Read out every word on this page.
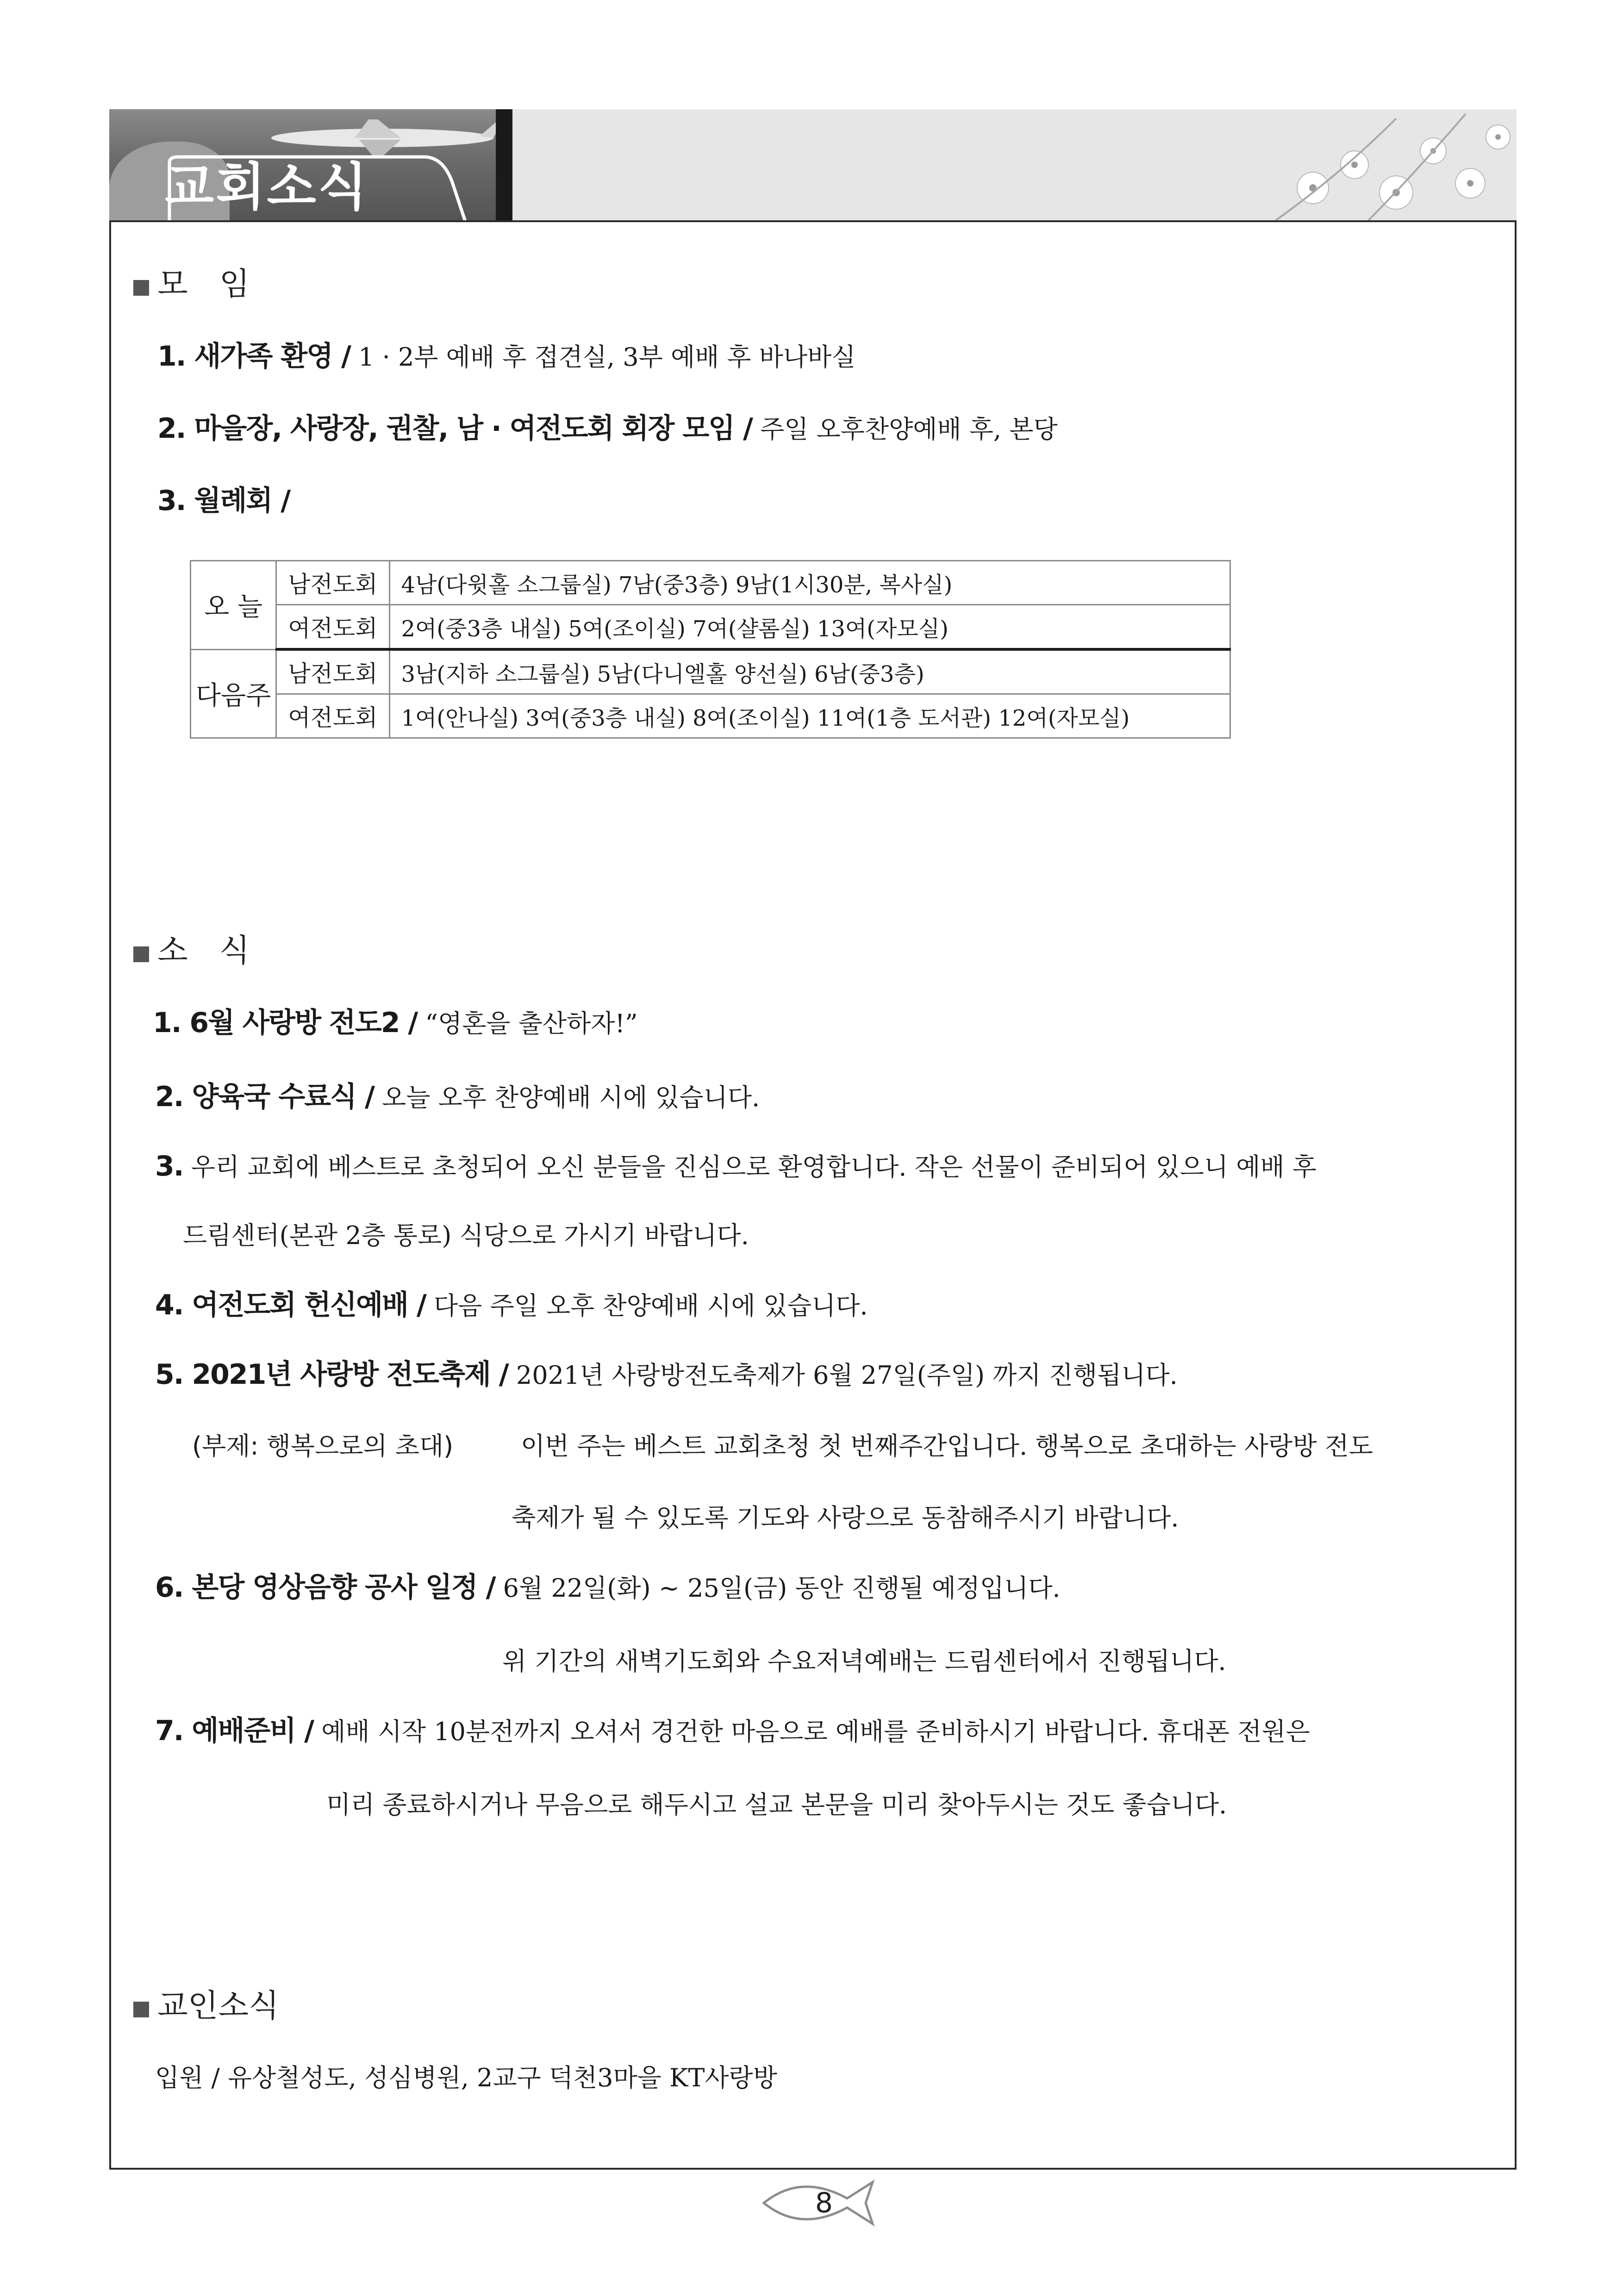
교회소식
모　임
1. 새가족 환영 / 1 · 2부 예배 후 접견실, 3부 예배 후 바나바실
2. 마을장, 사랑장, 권찰, 남 · 여전도회 회장 모임 / 주일 오후찬양예배 후, 본당
3. 월례회 /
오 늘	남전도회	4남(다윗홀 소그룹실) 7남(중3층) 9남(1시30분, 복사실)
	여전도회	2여(중3층 내실) 5여(조이실) 7여(샬롬실) 13여(자모실)
다음주	남전도회	3남(지하 소그룹실) 5남(다니엘홀 양선실) 6남(중3층)
	여전도회	1여(안나실) 3여(중3층 내실) 8여(조이실) 11여(1층 도서관) 12여(자모실)
소　식
1. 6월 사랑방 전도2 / “영혼을 출산하자!”
2. 양육국 수료식 / 오늘 오후 찬양예배 시에 있습니다.
3. 우리 교회에 베스트로 초청되어 오신 분들을 진심으로 환영합니다. 작은 선물이 준비되어 있으니 예배 후
드림센터(본관 2층 통로) 식당으로 가시기 바랍니다.
4. 여전도회 헌신예배 / 다음 주일 오후 찬양예배 시에 있습니다.
5. 2021년 사랑방 전도축제 / 2021년 사랑방전도축제가 6월 27일(주일) 까지 진행됩니다.
(부제: 행복으로의 초대)	이번 주는 베스트 교회초청 첫 번째주간입니다. 행복으로 초대하는 사랑방 전도
축제가 될 수 있도록 기도와 사랑으로 동참해주시기 바랍니다.
6. 본당 영상음향 공사 일정 / 6월 22일(화) ~ 25일(금) 동안 진행될 예정입니다.
위 기간의 새벽기도회와 수요저녁예배는 드림센터에서 진행됩니다.
7. 예배준비 / 예배 시작 10분전까지 오셔서 경건한 마음으로 예배를 준비하시기 바랍니다. 휴대폰 전원은
미리 종료하시거나 무음으로 해두시고 설교 본문을 미리 찾아두시는 것도 좋습니다.
교인소식
입원 / 유상철성도, 성심병원, 2교구 덕천3마을 KT사랑방
8
